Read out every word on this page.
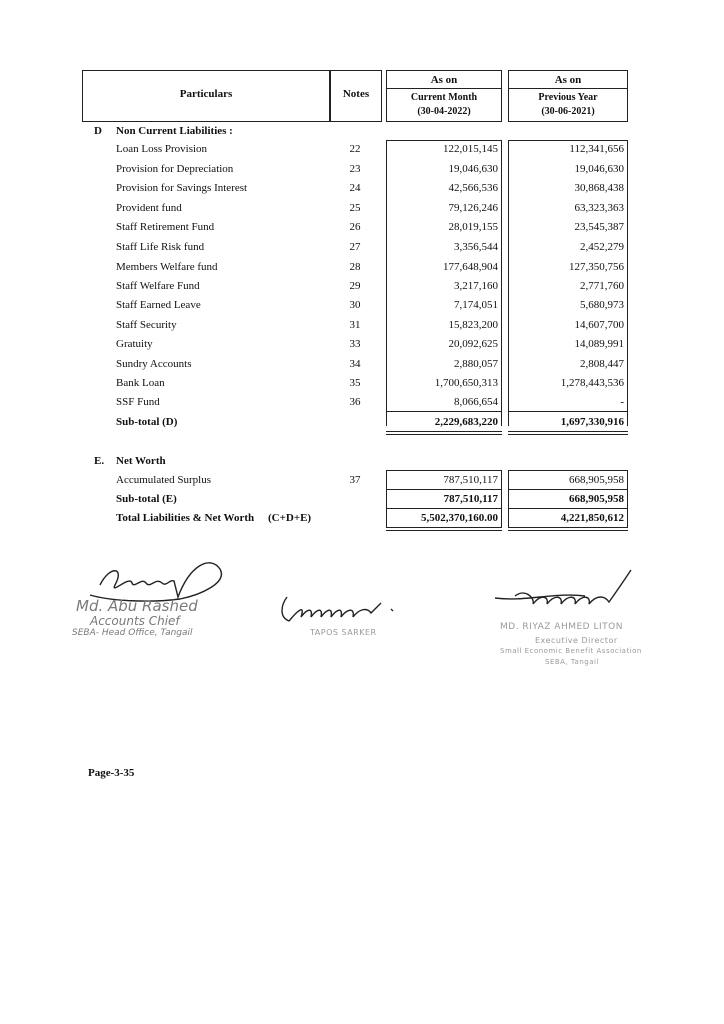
Particulars	Notes
As on
Current Month
(30-04-2022)
As on
Previous Year
(30-06-2021)
D Non Current Liabilities :
Loan Loss Provision	22	122,015,145	112,341,656
Provision for Depreciation	23	19,046,630	19,046,630
Provision for Savings Interest	24	42,566,536	30,868,438
Provident fund	25	79,126,246	63,323,363
Staff Retirement Fund	26	28,019,155	23,545,387
Staff Life Risk fund	27	3,356,544	2,452,279
Members Welfare fund	28	177,648,904	127,350,756
Staff Welfare Fund	29	3,217,160	2,771,760
Staff Earned Leave	30	7,174,051	5,680,973
Staff Security	31	15,823,200	14,607,700
Gratuity	33	20,092,625	14,089,991
Sundry Accounts	34	2,880,057	2,808,447
Bank Loan	35	1,700,650,313	1,278,443,536
SSF Fund	36	8,066,654	-
Sub-total (D)	2,229,683,220	1,697,330,916
E. Net Worth
Accumulated Surplus	37	787,510,117	668,905,958
Sub-total (E)	787,510,117	668,905,958
Total Liabilities & Net Worth (C+D+E)	5,502,370,160.00	4,221,850,612
Md. Abu Rashed
Accounts Chief
SEBA- Head Office, Tangail	TAPOS SARKER
MD. RIYAZ AHMED LITON
Executive Director
Small Economic Benefit Association
SEBA, Tangail
Page-3-35
